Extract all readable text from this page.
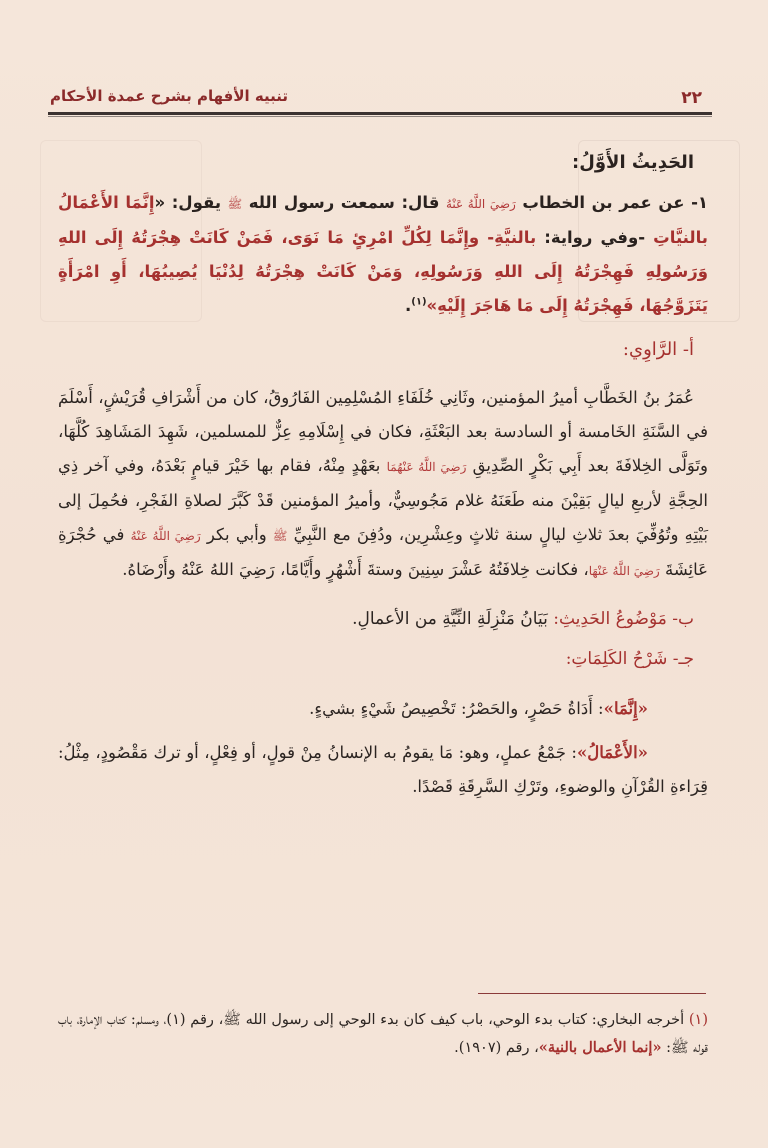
٢٢
تنبيه الأفهام بشرح عمدة الأحكام
الحَدِيثُ الأَوَّلُ:

١- عن عمر بن الخطاب رَضِيَ اللَّهُ عَنْهُ قال: سمعت رسول الله ﷺ يقول: «إِنَّمَا الأَعْمَالُ بالنيَّاتِ -وفي رواية: بالنيَّةِ- وإِنَّمَا لِكُلِّ امْرِئٍ مَا نَوَى، فَمَنْ كَانَتْ هِجْرَتُهُ إِلَى اللهِ وَرَسُولِهِ فَهِجْرَتُهُ إِلَى اللهِ وَرَسُولِهِ، وَمَنْ كَانَتْ هِجْرَتُهُ لِدُنْيَا يُصِيبُهَا، أَوِ امْرَأَةٍ يَتَزَوَّجُهَا، فَهِجْرَتُهُ إِلَى مَا هَاجَرَ إِلَيْهِ»$^{(١)}$.

أ- الرَّاوِي:

عُمَرُ بنُ الخَطَّابِ أميرُ المؤمنين، وثَانِي خُلَفَاءِ المُسْلِمِين الفَارُوقُ، كان من أَشْرَافِ قُرَيْشٍ، أَسْلَمَ في السَّنَةِ الخَامسة أو السادسة بعد البَعْثَةِ، فكان في إِسْلَامِهِ عِزٌّ للمسلمين، شَهِدَ المَشَاهِدَ كُلَّهَا، وتَوَلَّى الخِلافَةَ بعد أَبِي بَكْرٍ الصِّدِيقِ رَضِيَ اللَّهُ عَنْهُمَا بعَهْدٍ مِنْهُ، فقام بها خَيْرَ قيامٍ بَعْدَهُ، وفي آخر ذِي الحِجَّةِ لأربعِ ليالٍ بَقِيْنَ منه طَعَنَهُ غلام مَجُوسِيٌّ، وأميرُ المؤمنين قَدْ كَبَّرَ لصلاةِ الفَجْرِ، فحُمِلَ إلى بَيْتِهِ وتُوُفِّيَ بعدَ ثلاثِ ليالٍ سنة ثلاثٍ وعِشْرِين، ودُفِنَ مع النَّبِيِّ ﷺ وأبي بكر رَضِيَ اللَّهُ عَنْهُ في حُجْرَةِ عَائِشَةَ رَضِيَ اللَّهُ عَنْهَا، فكانت خِلافَتُهُ عَشْرَ سِنِينَ وستةَ أَشْهُرٍ وأَيَّامًا، رَضِيَ اللهُ عَنْهُ وأَرْضَاهُ.

ب- مَوْضُوعُ الحَدِيثِ: بَيَانُ مَنْزِلَةِ النِّيَّةِ من الأعمالِ.
جـ- شَرْحُ الكَلِمَاتِ:

«إِنَّمَا»: أَدَاةُ حَصْرٍ، والحَصْرُ: تَخْصِيصُ شَيْءٍ بشيءٍ.

«الأَعْمَالُ»: جَمْعُ عملٍ، وهو: مَا يقومُ به الإنسانُ مِنْ قولٍ، أو فِعْلٍ، أو ترك مَقْصُودٍ، مِثْلُ: قِرَاءةِ القُرْآنِ والوضوءِ، وتَرْكِ السَّرِقَةِ قَصْدًا.

(١) أخرجه البخاري: كتاب بدء الوحي، باب كيف كان بدء الوحي إلى رسول الله ﷺ، رقم (١)، ومسلم: كتاب الإمارة، باب قوله ﷺ: «إنما الأعمال بالنية»، رقم (١٩٠٧).
